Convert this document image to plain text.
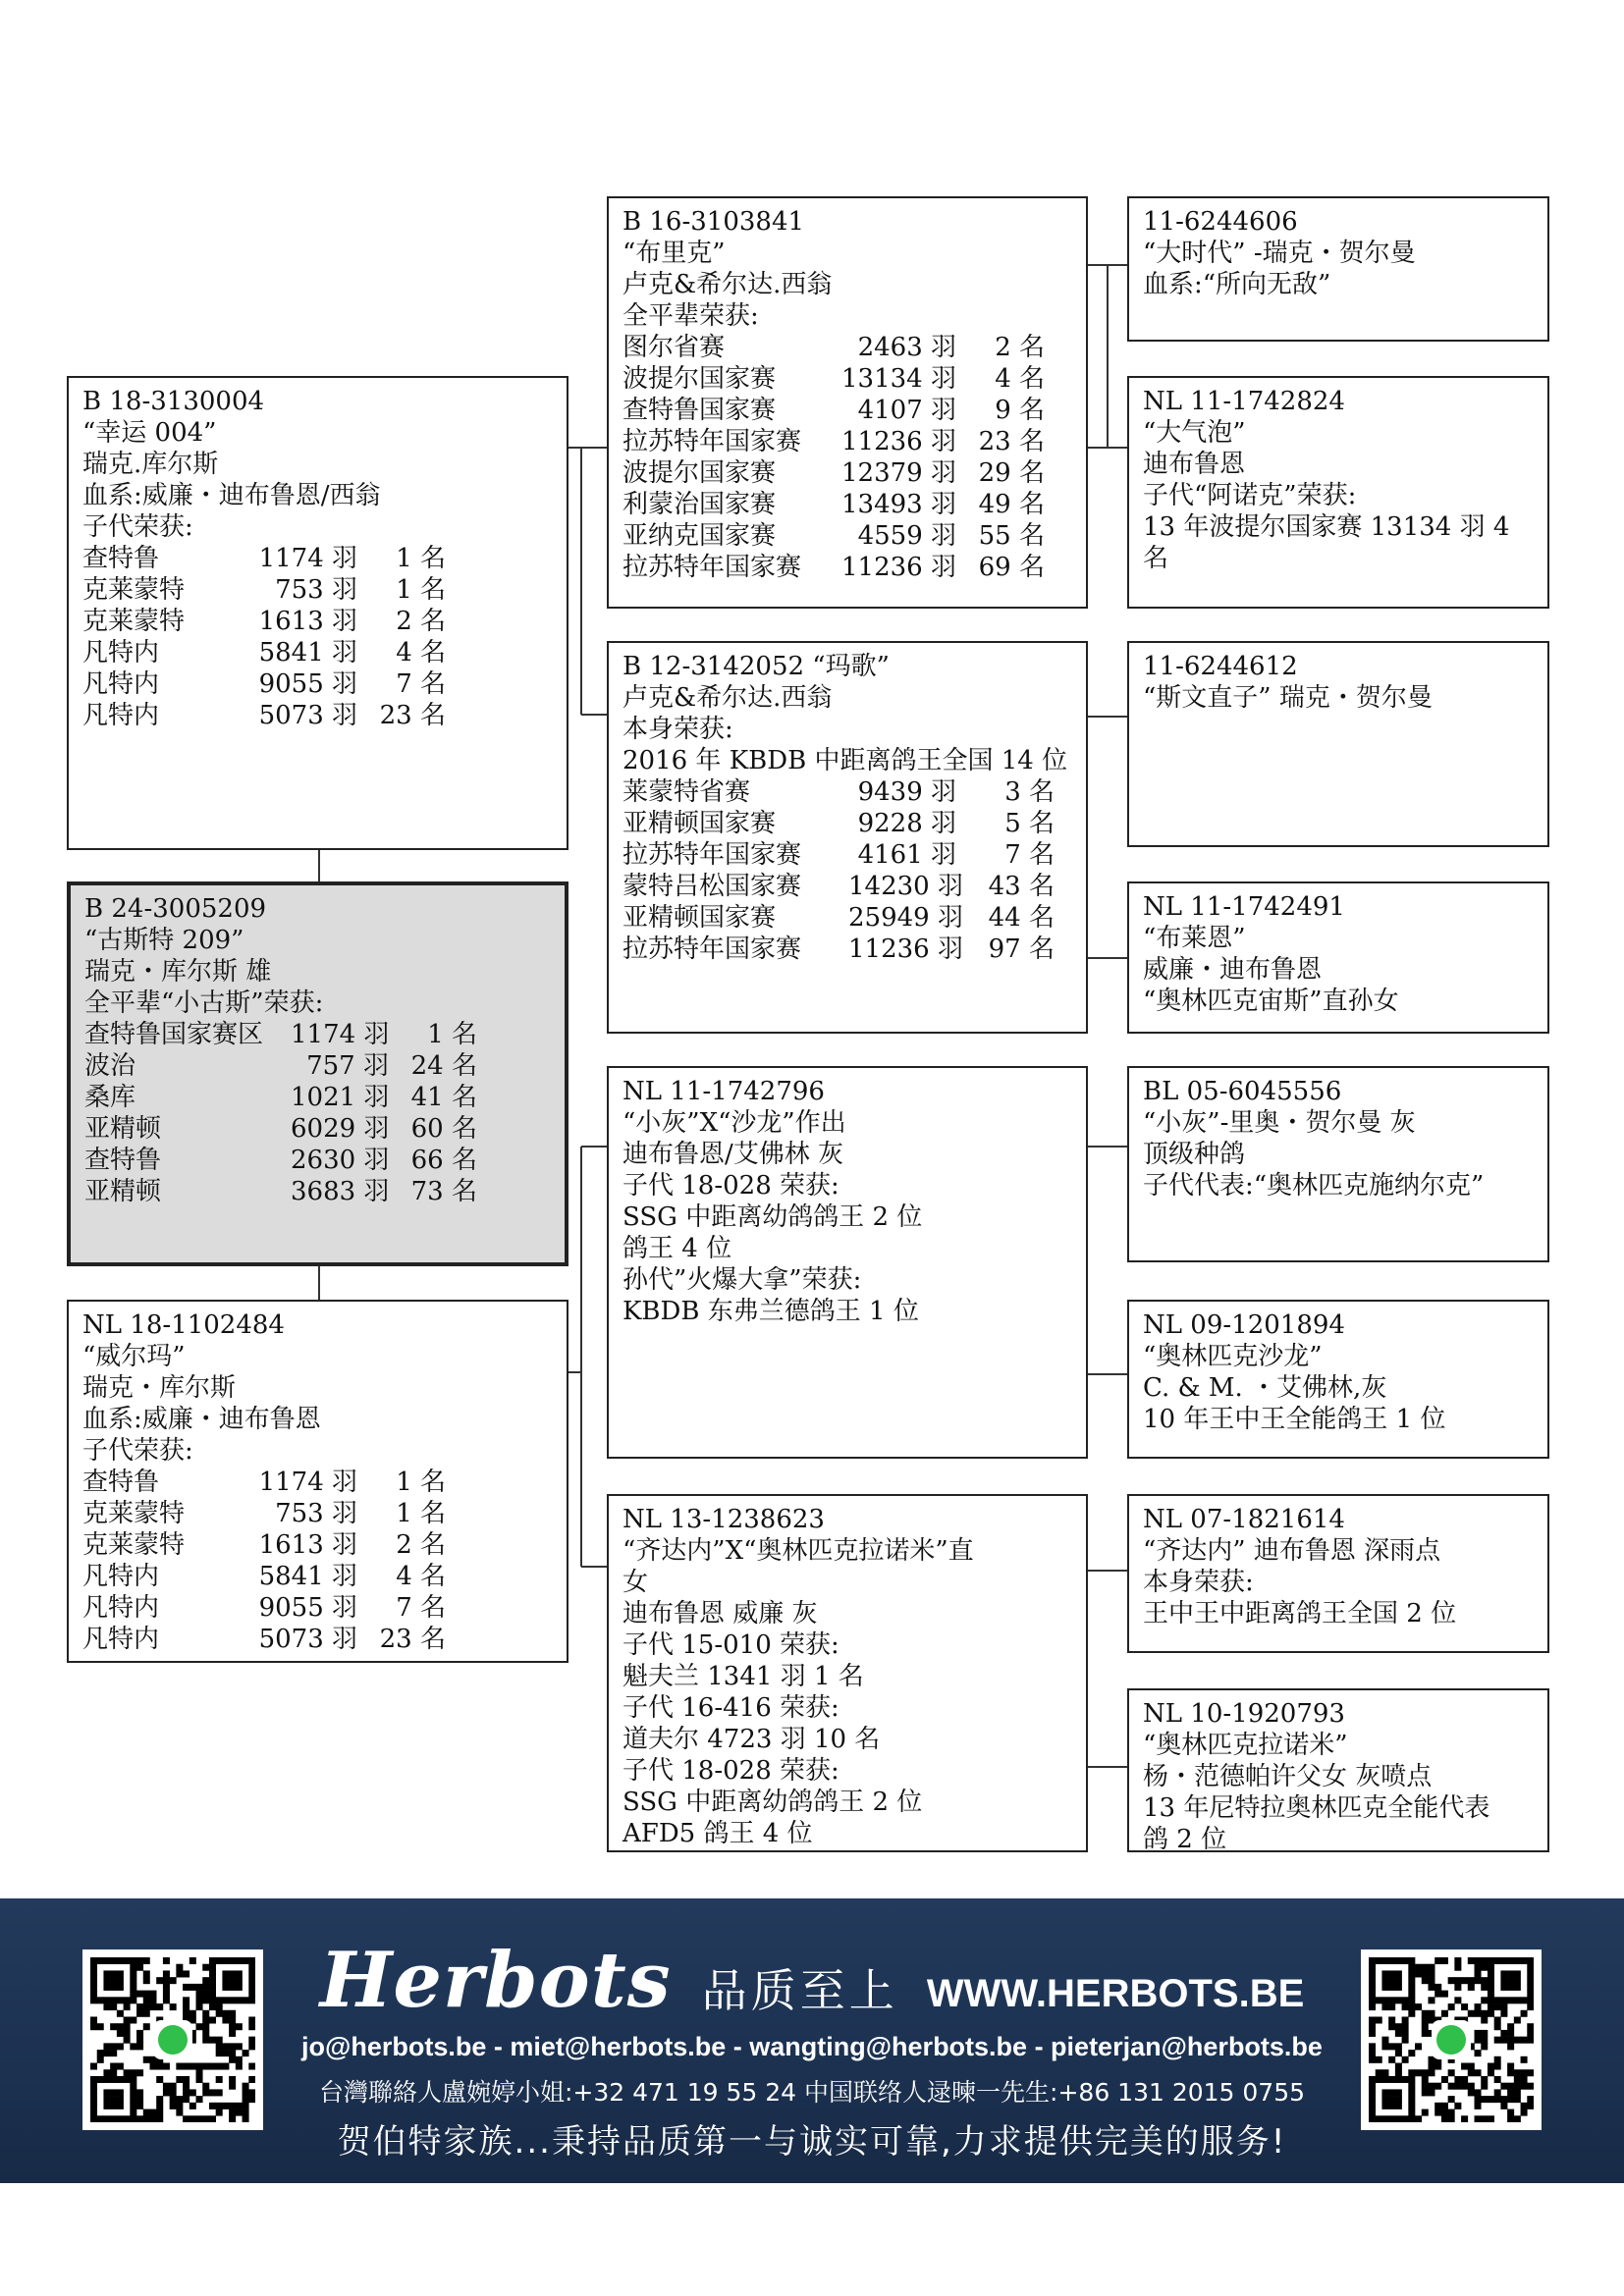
B 18-3130004
“幸运 004”
瑞克.库尔斯
血系:威廉・迪布鲁恩/西翁
子代荣获:
查特鲁	1174 羽	1 名
克莱蒙特	753 羽	1 名
克莱蒙特	1613 羽	2 名
凡特内	5841 羽	4 名
凡特内	9055 羽	7 名
凡特内	5073 羽 23 名
B 24-3005209
“古斯特 209”
瑞克・库尔斯 雄
全平辈“小古斯”荣获:
查特鲁国家赛区	1174 羽	1 名
波治	757 羽 24 名
桑库	1021 羽 41 名
亚精顿	6029 羽 60 名
查特鲁	2630 羽 66 名
亚精顿	3683 羽 73 名
NL 18-1102484
“威尔玛”
瑞克・库尔斯
血系:威廉・迪布鲁恩
子代荣获:
查特鲁	1174 羽	1 名
克莱蒙特	753 羽	1 名
克莱蒙特	1613 羽	2 名
凡特内	5841 羽	4 名
凡特内	9055 羽	7 名
凡特内	5073 羽 23 名
B 16-3103841
“布里克”
卢克&希尔达.西翁
全平辈荣获:
图尔省赛	2463 羽	2 名
波提尔国家赛	13134 羽	4 名
查特鲁国家赛	4107 羽	9 名
拉苏特年国家赛	11236 羽 23 名
波提尔国家赛	12379 羽 29 名
利蒙治国家赛	13493 羽 49 名
亚纳克国家赛	4559 羽 55 名
拉苏特年国家赛	11236 羽 69 名
B 12-3142052 “玛歌”
卢克&希尔达.西翁
本身荣获:
2016 年 KBDB 中距离鸽王全国 14 位
莱蒙特省赛	9439 羽	3 名
亚精顿国家赛	9228 羽	5 名
拉苏特年国家赛	4161 羽	7 名
蒙特吕松国家赛	14230 羽 43 名
亚精顿国家赛	25949 羽 44 名
拉苏特年国家赛	11236 羽 97 名
NL 11-1742796
“小灰”X“沙龙”作出
迪布鲁恩/艾佛林 灰
子代 18-028 荣获:
SSG 中距离幼鸽鸽王 2 位
鸽王 4 位
孙代”火爆大拿”荣获:
KBDB 东弗兰德鸽王 1 位
NL 13-1238623
“齐达内”X“奥林匹克拉诺米”直
女
迪布鲁恩 威廉 灰
子代 15-010 荣获:
魁夫兰 1341 羽 1 名
子代 16-416 荣获:
道夫尔 4723 羽 10 名
子代 18-028 荣获:
SSG 中距离幼鸽鸽王 2 位
AFD5 鸽王 4 位
11-6244606
“大时代” -瑞克・贺尔曼
血系:“所向无敌”
NL 11-1742824
“大气泡”
迪布鲁恩
子代“阿诺克”荣获:
13 年波提尔国家赛 13134 羽 4
名
11-6244612
“斯文直子” 瑞克・贺尔曼
NL 11-1742491
“布莱恩”
威廉・迪布鲁恩
“奥林匹克宙斯”直孙女
BL 05-6045556
“小灰”-里奥・贺尔曼 灰
顶级种鸽
子代代表:“奥林匹克施纳尔克”
NL 09-1201894
“奥林匹克沙龙”
C. & M. ・艾佛林,灰
10 年王中王全能鸽王 1 位
NL 07-1821614
“齐达内” 迪布鲁恩 深雨点
本身荣获:
王中王中距离鸽王全国 2 位
NL 10-1920793
“奥林匹克拉诺米”
杨・范德帕许父女 灰喷点
13 年尼特拉奥林匹克全能代表
鸽 2 位
Herbots 品质至上 WWW.HERBOTS.BE
jo@herbots.be - miet@herbots.be - wangting@herbots.be - pieterjan@herbots.be
台灣聯絡人盧婉婷小姐:+32 471 19 55 24 中国联络人逯暕一先生:+86 131 2015 0755
贺伯特家族...秉持品质第一与诚实可靠,力求提供完美的服务!
